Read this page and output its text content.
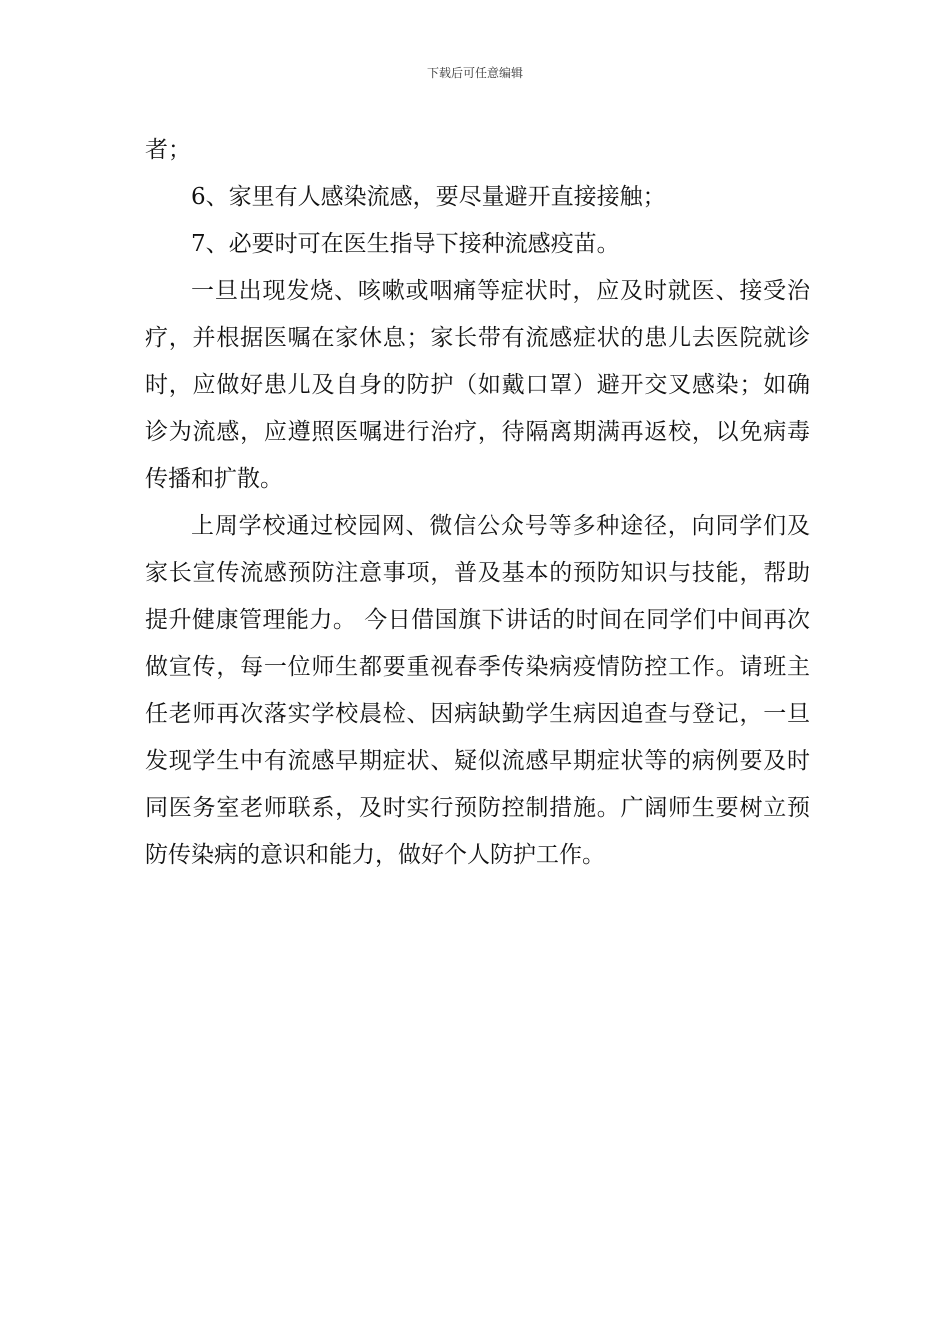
下载后可任意编辑

者；

6、家里有人感染流感，要尽量避开直接接触；

7、必要时可在医生指导下接种流感疫苗。

一旦出现发烧、咳嗽或咽痛等症状时，应及时就医、接受治疗，并根据医嘱在家休息；家长带有流感症状的患儿去医院就诊时，应做好患儿及自身的防护（如戴口罩）避开交叉感染；如确诊为流感，应遵照医嘱进行治疗，待隔离期满再返校，以免病毒传播和扩散。

上周学校通过校园网、微信公众号等多种途径，向同学们及家长宣传流感预防注意事项，普及基本的预防知识与技能，帮助提升健康管理能力。 今日借国旗下讲话的时间在同学们中间再次做宣传，每一位师生都要重视春季传染病疫情防控工作。请班主任老师再次落实学校晨检、因病缺勤学生病因追查与登记，一旦发现学生中有流感早期症状、疑似流感早期症状等的病例要及时同医务室老师联系，及时实行预防控制措施。广阔师生要树立预防传染病的意识和能力，做好个人防护工作。
